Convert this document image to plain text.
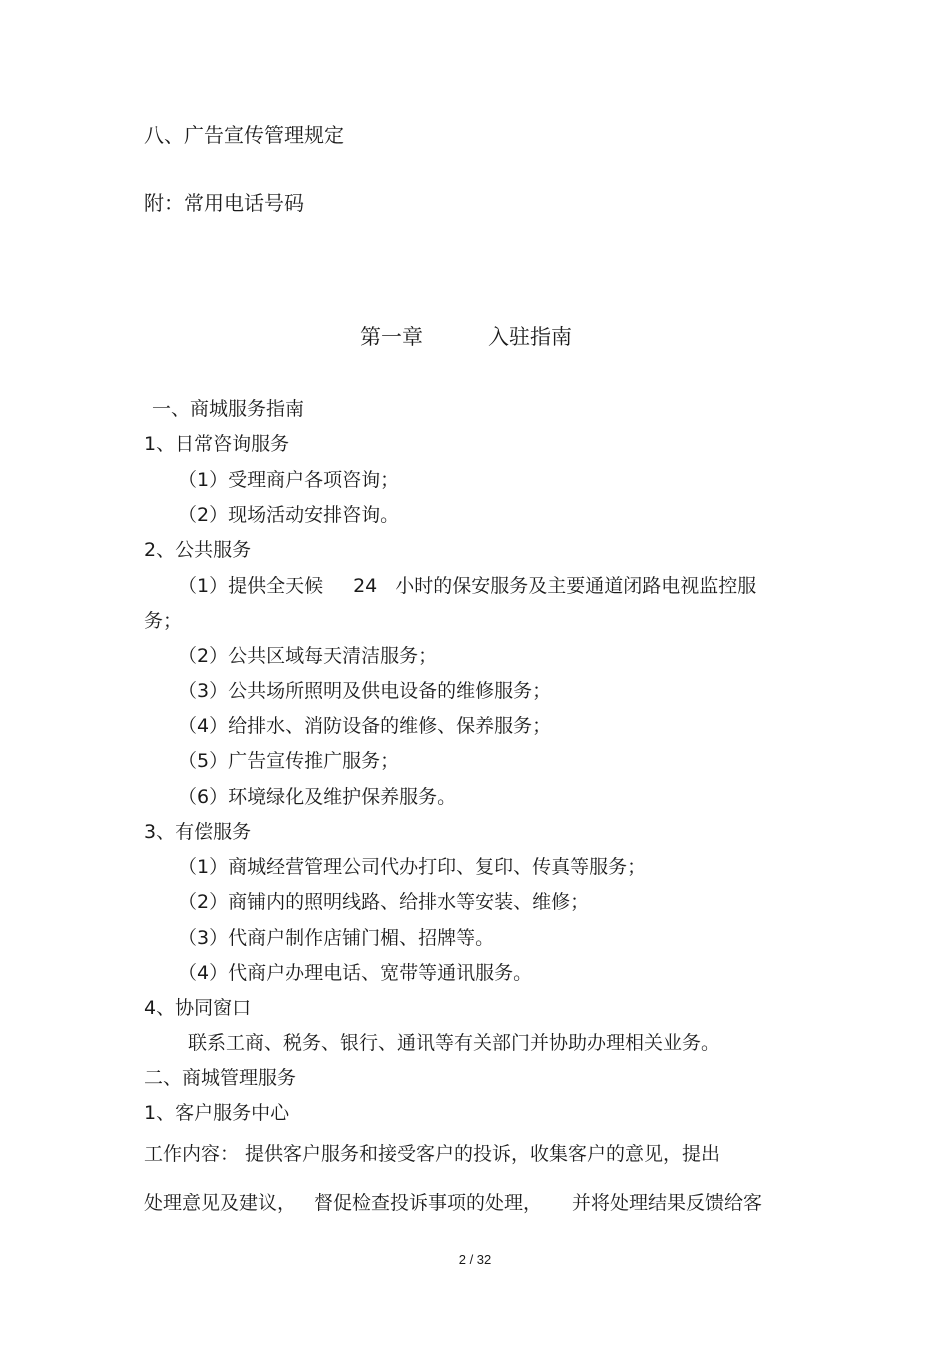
八、广告宣传管理规定
附：常用电话号码
第一章	入驻指南
一、商城服务指南
1、日常咨询服务
（1）受理商户各项咨询；
（2）现场活动安排咨询。
2、公共服务
（1）提供全天候 24 小时的保安服务及主要通道闭路电视监控服
务；
（2）公共区域每天清洁服务；
（3）公共场所照明及供电设备的维修服务；
（4）给排水、消防设备的维修、保养服务；
（5）广告宣传推广服务；
（6）环境绿化及维护保养服务。
3、有偿服务
（1）商城经营管理公司代办打印、复印、传真等服务；
（2）商铺内的照明线路、给排水等安装、维修；
（3）代商户制作店铺门楣、招牌等。
（4）代商户办理电话、宽带等通讯服务。
4、协同窗口
联系工商、税务、银行、通讯等有关部门并协助办理相关业务。
二、商城管理服务
1、客户服务中心
工作内容： 提供客户服务和接受客户的投诉，收集客户的意见，提出
处理意见及建议， 督促检查投诉事项的处理， 并将处理结果反馈给客
2 / 32
